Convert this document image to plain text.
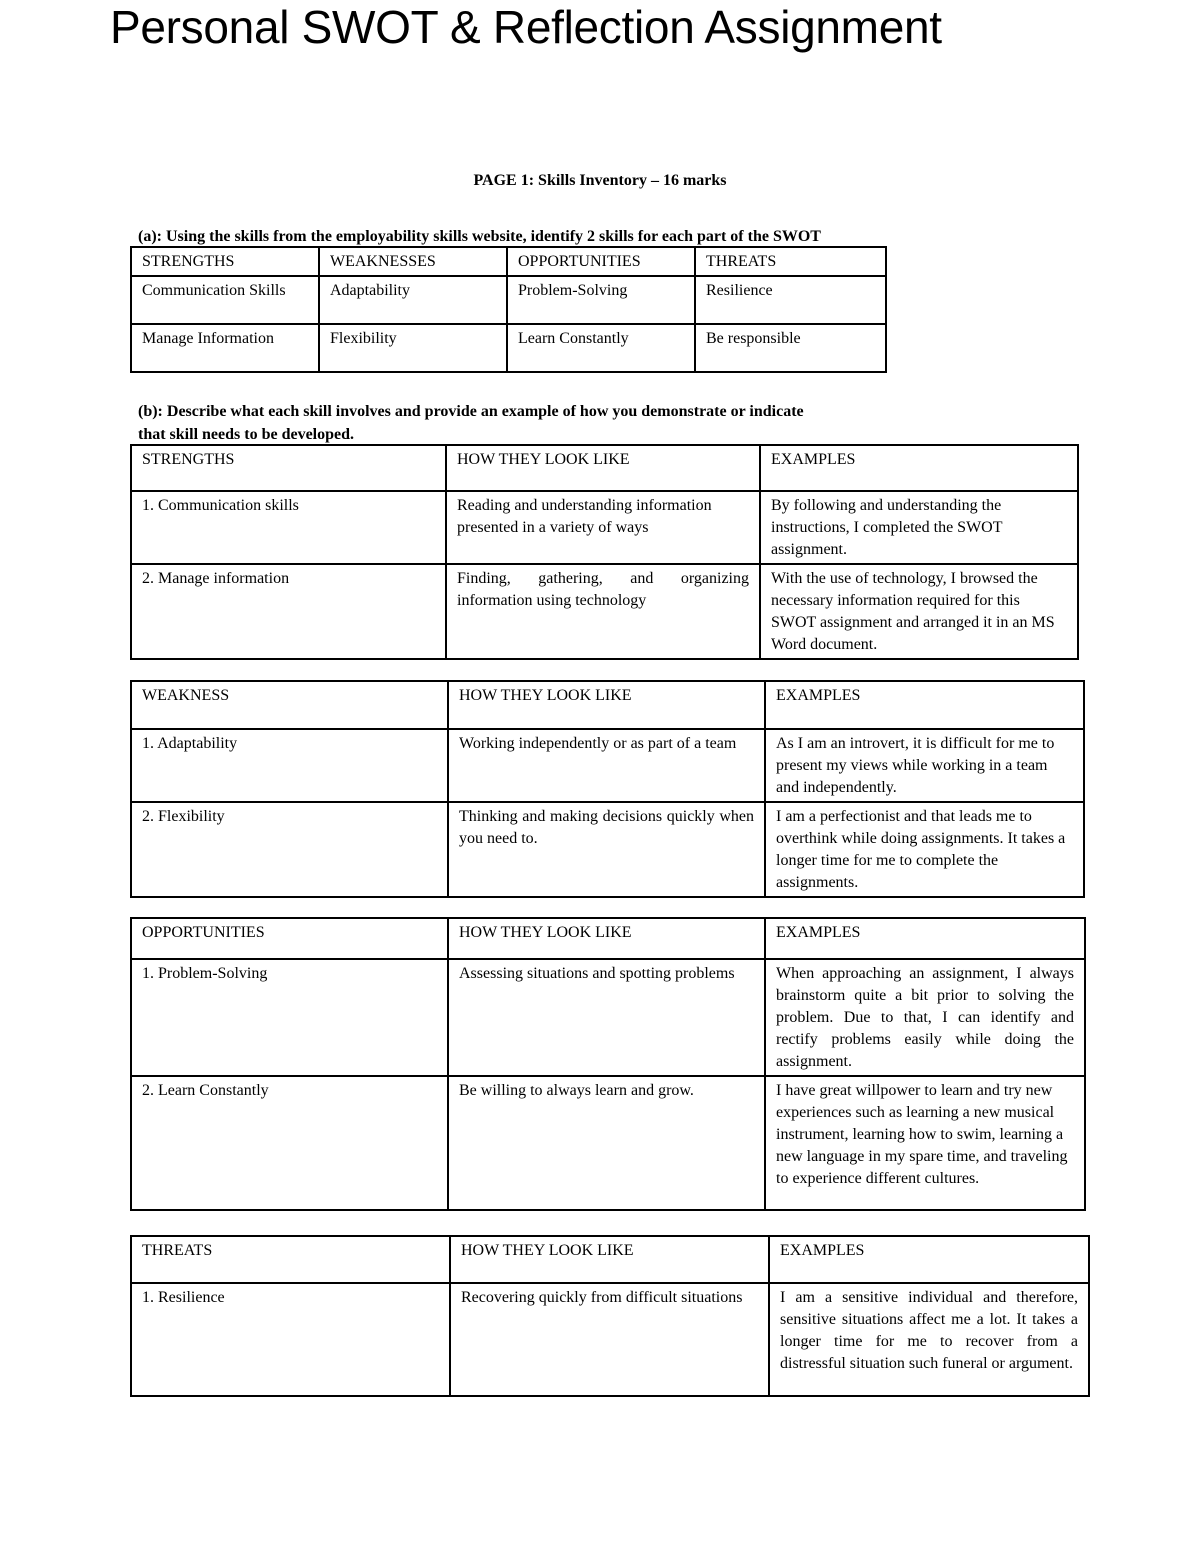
Personal SWOT & Reflection Assignment

PAGE 1: Skills Inventory – 16 marks

(a): Using the skills from the employability skills website, identify 2 skills for each part of the SWOT

STRENGTHS	WEAKNESSES	OPPORTUNITIES	THREATS
Communication Skills	Adaptability	Problem-Solving	Resilience
Manage Information	Flexibility	Learn Constantly	Be responsible

(b): Describe what each skill involves and provide an example of how you demonstrate or indicate

that skill needs to be developed.

STRENGTHS	HOW THEY LOOK LIKE	EXAMPLES
1. Communication skills	Reading and understanding information presented in a variety of ways	By following and understanding the instructions, I completed the SWOT assignment.
2. Manage information	Finding, gathering, and organizing information using technology	With the use of technology, I browsed the necessary information required for this SWOT assignment and arranged it in an MS Word document.
WEAKNESS	HOW THEY LOOK LIKE	EXAMPLES
1. Adaptability	Working independently or as part of a team	As I am an introvert, it is difficult for me to present my views while working in a team and independently.
2. Flexibility	Thinking and making decisions quickly when you need to.	I am a perfectionist and that leads me to overthink while doing assignments. It takes a longer time for me to complete the assignments.
OPPORTUNITIES	HOW THEY LOOK LIKE	EXAMPLES
1. Problem-Solving	Assessing situations and spotting problems	When approaching an assignment, I always brainstorm quite a bit prior to solving the problem. Due to that, I can identify and rectify problems easily while doing the assignment.
2. Learn Constantly	Be willing to always learn and grow.	I have great willpower to learn and try new experiences such as learning a new musical instrument, learning how to swim, learning a new language in my spare time, and traveling to experience different cultures.
THREATS	HOW THEY LOOK LIKE	EXAMPLES
1. Resilience	Recovering quickly from difficult situations	I am a sensitive individual and therefore, sensitive situations affect me a lot. It takes a longer time for me to recover from a distressful situation such funeral or argument.
